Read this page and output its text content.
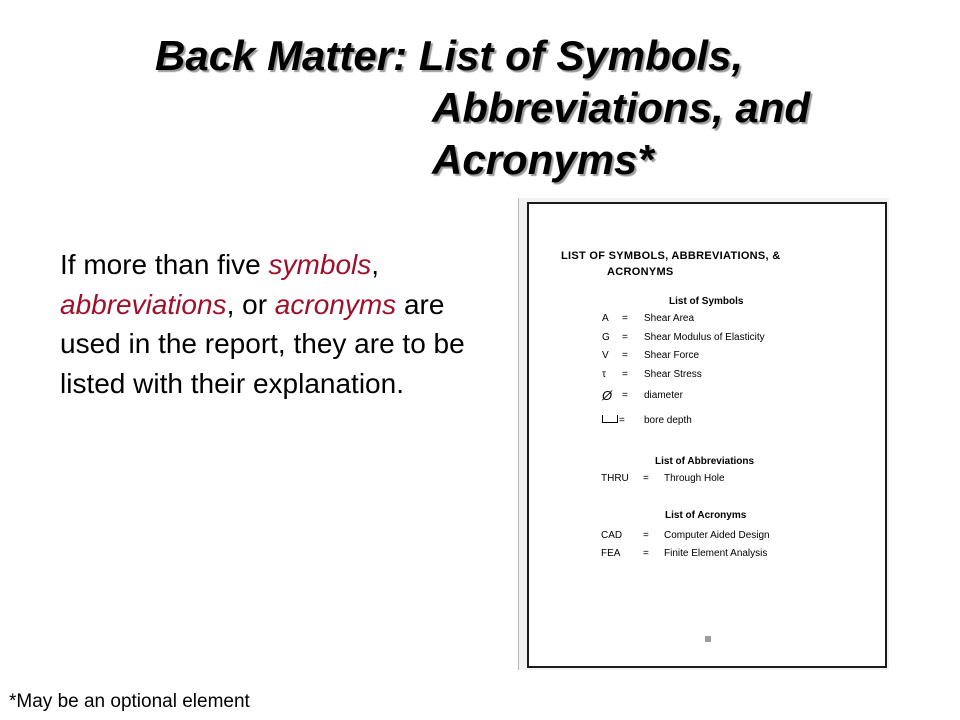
Back Matter: List of Symbols,
Abbreviations, and
Acronyms*
If more than five symbols, abbreviations, or acronyms are used in the report, they are to be listed with their explanation.
LIST OF SYMBOLS, ABBREVIATIONS, &
ACRONYMS
List of Symbols
A = Shear Area
G = Shear Modulus of Elasticity
V = Shear Force
τ = Shear Stress
Ø = diameter
= bore depth
List of Abbreviations
THRU = Through Hole
List of Acronyms
CAD = Computer Aided Design
FEA = Finite Element Analysis
*May be an optional element
